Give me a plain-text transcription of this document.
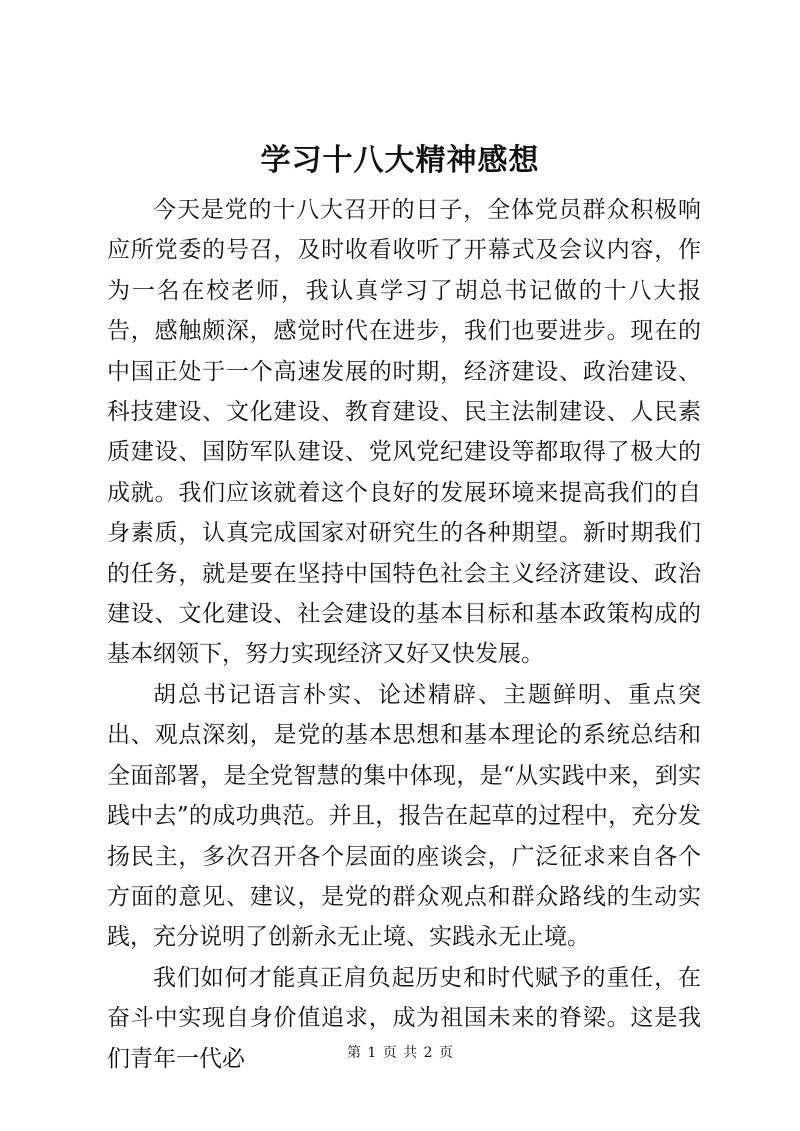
学习十八大精神感想

今天是党的十八大召开的日子，全体党员群众积极响应所党委的号召，及时收看收听了开幕式及会议内容，作为一名在校老师，我认真学习了胡总书记做的十八大报告，感触颇深，感觉时代在进步，我们也要进步。现在的中国正处于一个高速发展的时期，经济建设、政治建设、科技建设、文化建设、教育建设、民主法制建设、人民素质建设、国防军队建设、党风党纪建设等都取得了极大的成就。我们应该就着这个良好的发展环境来提高我们的自身素质，认真完成国家对研究生的各种期望。新时期我们的任务，就是要在坚持中国特色社会主义经济建设、政治建设、文化建设、社会建设的基本目标和基本政策构成的基本纲领下，努力实现经济又好又快发展。

胡总书记语言朴实、论述精辟、主题鲜明、重点突出、观点深刻，是党的基本思想和基本理论的系统总结和全面部署，是全党智慧的集中体现，是“从实践中来，到实践中去”的成功典范。并且，报告在起草的过程中，充分发扬民主，多次召开各个层面的座谈会，广泛征求来自各个方面的意见、建议，是党的群众观点和群众路线的生动实践，充分说明了创新永无止境、实践永无止境。

我们如何才能真正肩负起历史和时代赋予的重任，在奋斗中实现自身价值追求，成为祖国未来的脊梁。这是我们青年一代必	第 1 页 共 2 页
